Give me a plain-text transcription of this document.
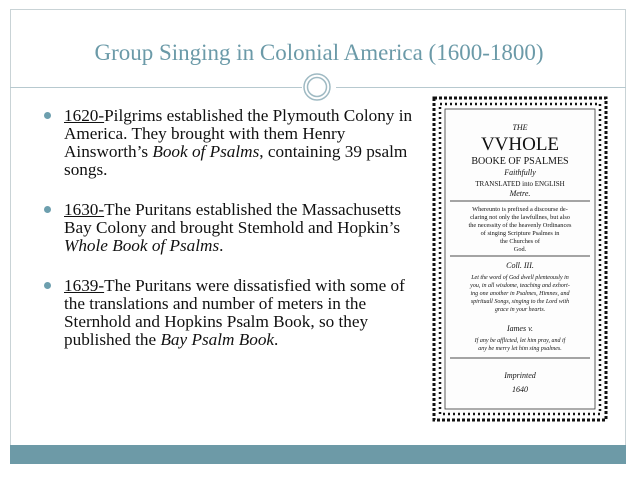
Group Singing in Colonial America (1600-1800)
1620-Pilgrims established the Plymouth Colony in America. They brought with them Henry Ainsworth’s Book of Psalms, containing 39 psalm songs.
1630-The Puritans established the Massachusetts Bay Colony and brought Stemhold and Hopkin’s Whole Book of Psalms.
1639-The Puritans were dissatisfied with some of the translations and number of meters in the Sternhold and Hopkins Psalm Book, so they published the Bay Psalm Book.
THE
VVHOLE
BOOKE OF PSALMES
Faithfully
TRANSLATED into ENGLISH
Metre.
Whereunto is prefixed a discourse de-
claring not only the lawfullnes, but also
the necessity of the heavenly Ordinances
of singing Scripture Psalmes in
the Churches of
God.
Coll. III.
Let the word of God dwell plenteously in
you, in all wisdome, teaching and exhort-
ing one another in Psalmes, Himnes, and
spirituall Songs, singing to the Lord with
grace in your hearts.
Iames v.
If any be afflicted, let him pray, and if
any be merry let him sing psalmes.
Imprinted
1640
